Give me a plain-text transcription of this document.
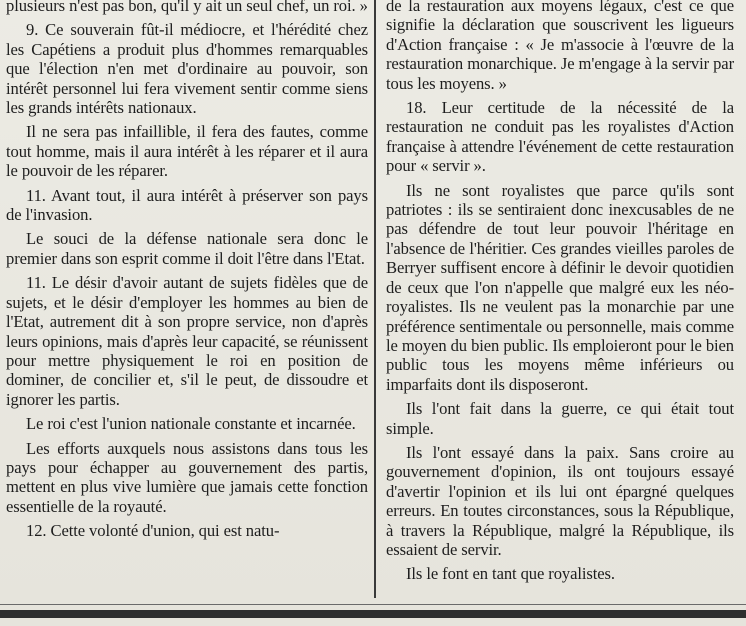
plusieurs n'est pas bon, qu'il y ait un seul chef, un roi. »

9. Ce souverain fût-il médiocre, et l'hérédité chez les Capétiens a produit plus d'hommes remarquables que l'élection n'en met d'ordinaire au pouvoir, son intérêt personnel lui fera vivement sentir comme siens les grands intérêts nationaux.

Il ne sera pas infaillible, il fera des fautes, comme tout homme, mais il aura intérêt à les réparer et il aura le pouvoir de les réparer.

11. Avant tout, il aura intérêt à préserver son pays de l'invasion.

Le souci de la défense nationale sera donc le premier dans son esprit comme il doit l'être dans l'Etat.

11. Le désir d'avoir autant de sujets fidèles que de sujets, et le désir d'employer les hommes au bien de l'Etat, autrement dit à son propre service, non d'après leurs opinions, mais d'après leur capacité, se réunissent pour mettre physiquement le roi en position de dominer, de concilier et, s'il le peut, de dissoudre et ignorer les partis.

Le roi c'est l'union nationale constante et incarnée.

Les efforts auxquels nous assistons dans tous les pays pour échapper au gouvernement des partis, mettent en plus vive lumière que jamais cette fonction essentielle de la royauté.

12. Cette volonté d'union, qui est natu-

de la restauration aux moyens légaux, c'est ce que signifie la déclaration que souscrivent les ligueurs d'Action française : « Je m'associe à l'œuvre de la restauration monarchique. Je m'engage à la servir par tous les moyens. »

18. Leur certitude de la nécessité de la restauration ne conduit pas les royalistes d'Action française à attendre l'événement de cette restauration pour « servir ».

Ils ne sont royalistes que parce qu'ils sont patriotes : ils se sentiraient donc inexcusables de ne pas défendre de tout leur pouvoir l'héritage en l'absence de l'héritier. Ces grandes vieilles paroles de Berryer suffisent encore à définir le devoir quotidien de ceux que l'on n'appelle que malgré eux les néo-royalistes. Ils ne veulent pas la monarchie par une préférence sentimentale ou personnelle, mais comme le moyen du bien public. Ils emploieront pour le bien public tous les moyens même inférieurs ou imparfaits dont ils disposeront.

Ils l'ont fait dans la guerre, ce qui était tout simple.

Ils l'ont essayé dans la paix. Sans croire au gouvernement d'opinion, ils ont toujours essayé d'avertir l'opinion et ils lui ont épargné quelques erreurs. En toutes circonstances, sous la République, à travers la République, malgré la République, ils essaient de servir.

Ils le font en tant que royalistes.
